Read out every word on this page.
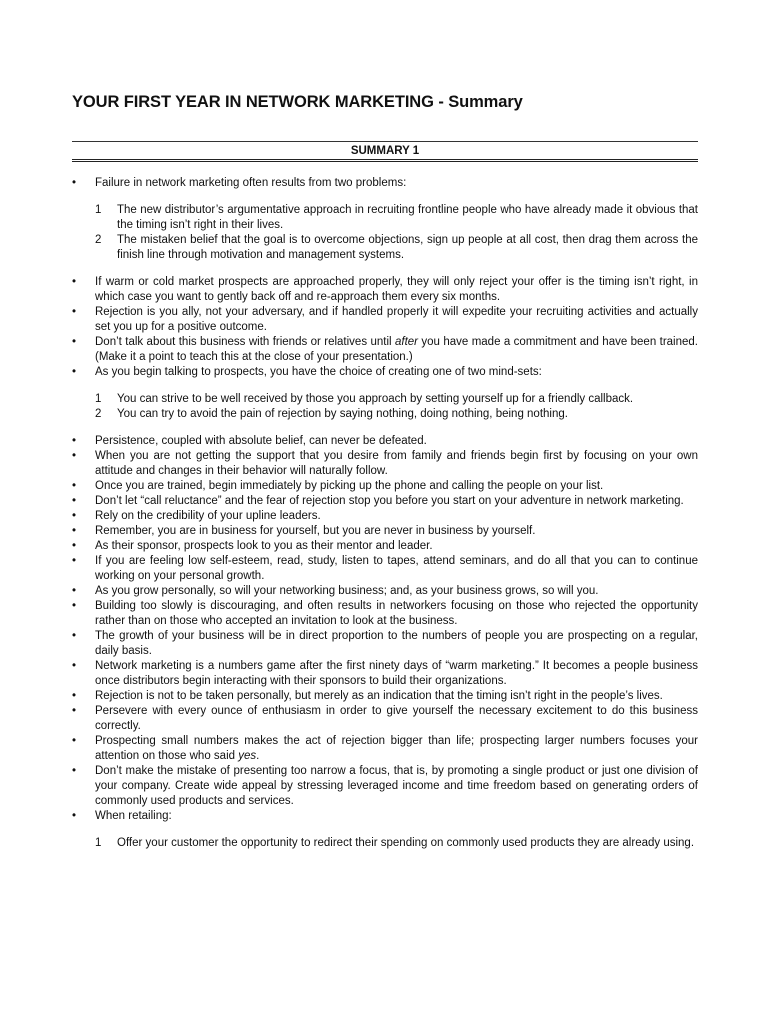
YOUR FIRST YEAR IN NETWORK MARKETING - Summary
SUMMARY 1
• Failure in network marketing often results from two problems:
1 The new distributor’s argumentative approach in recruiting frontline people who have already made it obvious that the timing isn’t right in their lives.
2 The mistaken belief that the goal is to overcome objections, sign up people at all cost, then drag them across the finish line through motivation and management systems.
• If warm or cold market prospects are approached properly, they will only reject your offer is the timing isn’t right, in which case you want to gently back off and re-approach them every six months.
• Rejection is you ally, not your adversary, and if handled properly it will expedite your recruiting activities and actually set you up for a positive outcome.
• Don’t talk about this business with friends or relatives until after you have made a commitment and have been trained. (Make it a point to teach this at the close of your presentation.)
• As you begin talking to prospects, you have the choice of creating one of two mind-sets:
1 You can strive to be well received by those you approach by setting yourself up for a friendly callback.
2 You can try to avoid the pain of rejection by saying nothing, doing nothing, being nothing.
• Persistence, coupled with absolute belief, can never be defeated.
• When you are not getting the support that you desire from family and friends begin first by focusing on your own attitude and changes in their behavior will naturally follow.
• Once you are trained, begin immediately by picking up the phone and calling the people on your list.
• Don’t let “call reluctance” and the fear of rejection stop you before you start on your adventure in network marketing.
• Rely on the credibility of your upline leaders.
• Remember, you are in business for yourself, but you are never in business by yourself.
• As their sponsor, prospects look to you as their mentor and leader.
• If you are feeling low self-esteem, read, study, listen to tapes, attend seminars, and do all that you can to continue working on your personal growth.
• As you grow personally, so will your networking business; and, as your business grows, so will you.
• Building too slowly is discouraging, and often results in networkers focusing on those who rejected the opportunity rather than on those who accepted an invitation to look at the business.
• The growth of your business will be in direct proportion to the numbers of people you are prospecting on a regular, daily basis.
• Network marketing is a numbers game after the first ninety days of “warm marketing.” It becomes a people business once distributors begin interacting with their sponsors to build their organizations.
• Rejection is not to be taken personally, but merely as an indication that the timing isn’t right in the people’s lives.
• Persevere with every ounce of enthusiasm in order to give yourself the necessary excitement to do this business correctly.
• Prospecting small numbers makes the act of rejection bigger than life; prospecting larger numbers focuses your attention on those who said yes.
• Don’t make the mistake of presenting too narrow a focus, that is, by promoting a single product or just one division of your company. Create wide appeal by stressing leveraged income and time freedom based on generating orders of commonly used products and services.
• When retailing:
1 Offer your customer the opportunity to redirect their spending on commonly used products they are already using.
